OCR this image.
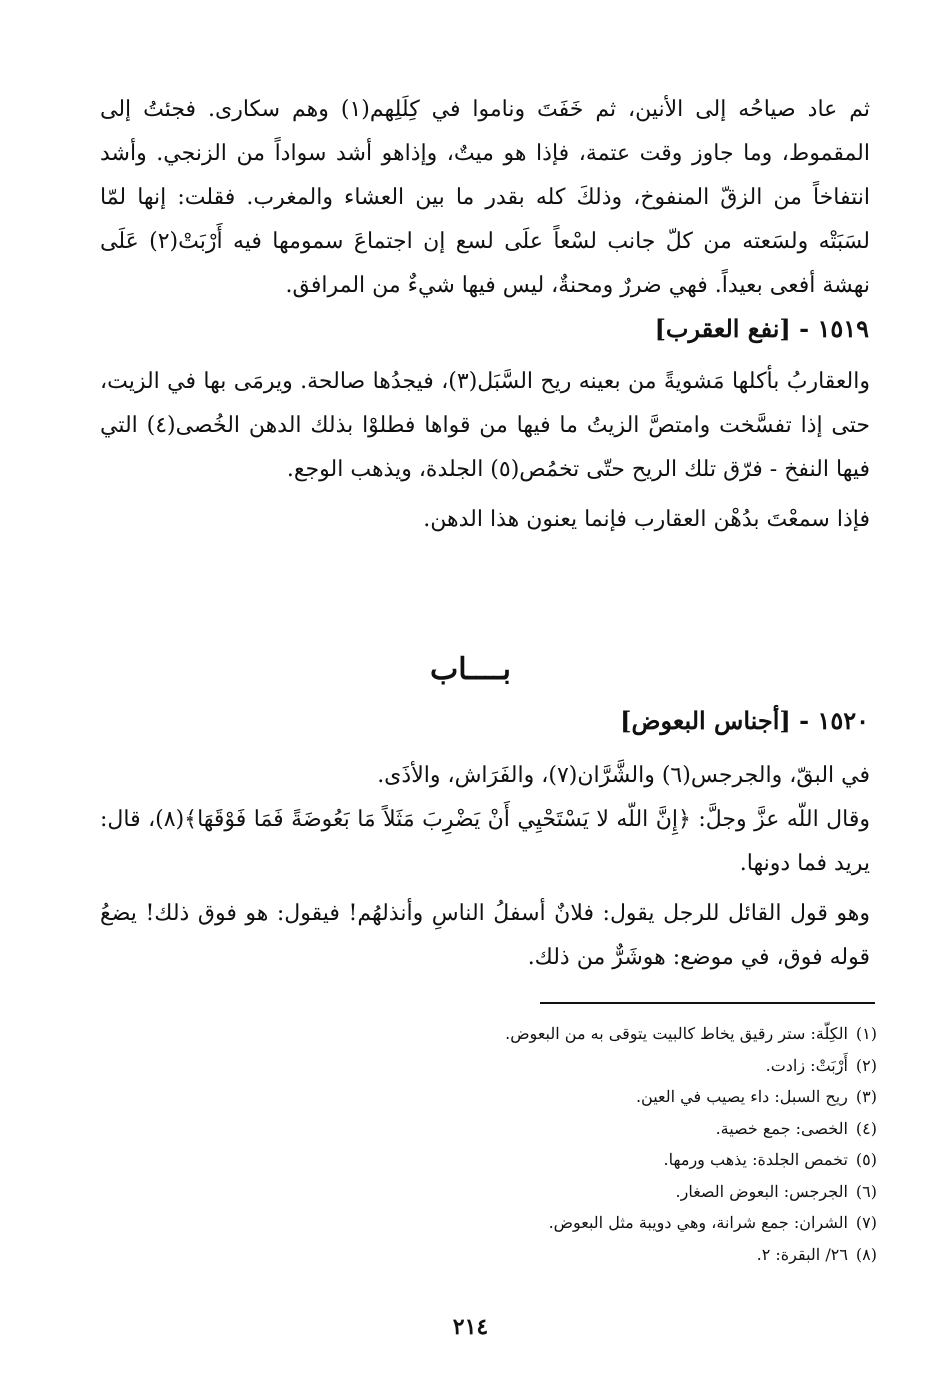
ثم عاد صياحُه إلى الأنين، ثم خَفَتَ وناموا في كِلَلِهم(١) وهم سكارى. فجئتُ إلى المقموط، وما جاوز وقت عتمة، فإذا هو ميتٌ، وإذاهو أشد سواداً من الزنجي. وأشد انتفاخاً من الزقّ المنفوخ، وذلكَ كله بقدر ما بين العشاء والمغرب. فقلت: إنها لمّا لسَبَتْه ولسَعته من كلّ جانب لسْعاً علَى لسع إن اجتماعَ سمومها فيه أَرْبَتْ(٢) عَلَى نهشة أفعى بعيداً. فهي ضررٌ ومحنةٌ، ليس فيها شيءٌ من المرافق.

١٥١٩ - [نفع العقرب]

والعقاربُ بأكلها مَشويةً من بعينه ريح السَّبَل(٣)، فيجدُها صالحة. ويرمَى بها في الزيت، حتى إذا تفسَّخت وامتصَّ الزيتُ ما فيها من قواها فطلوْا بذلك الدهن الخُصى(٤) التي فيها النفخ - فرّق تلك الريح حتّى تخمُص(٥) الجلدة، ويذهب الوجع.

فإذا سمعْتَ بدُهْن العقارب فإنما يعنون هذا الدهن.

بــــاب
١٥٢٠ - [أجناس البعوض]

في البقّ، والجرجس(٦) والشَّرَّان(٧)، والفَرَاش، والأذَى.

وقال اللّه عزَّ وجلَّ: ﴿إِنَّ اللّه لا يَسْتَحْيِي أَنْ يَضْرِبَ مَثَلاً مَا بَعُوضَةً فَمَا فَوْقَهَا﴾(٨)، قال: يريد فما دونها.

وهو قول القائل للرجل يقول: فلانٌ أسفلُ الناسِ وأنذلهُم! فيقول: هو فوق ذلك! يضعُ قوله فوق، في موضع: هوشَرٌّ من ذلك.

(١)الكِلّة: ستر رقيق يخاط كالبيت يتوقى به من البعوض.
(٢)أَرْبَتْ: زادت.
(٣)ريح السبل: داء يصيب في العين.
(٤)الخصى: جمع خصية.
(٥)تخمص الجلدة: يذهب ورمها.
(٦)الجرجس: البعوض الصغار.
(٧)الشران: جمع شرانة، وهي دويبة مثل البعوض.
(٨)٢٦/ البقرة: ٢.
٢١٤
